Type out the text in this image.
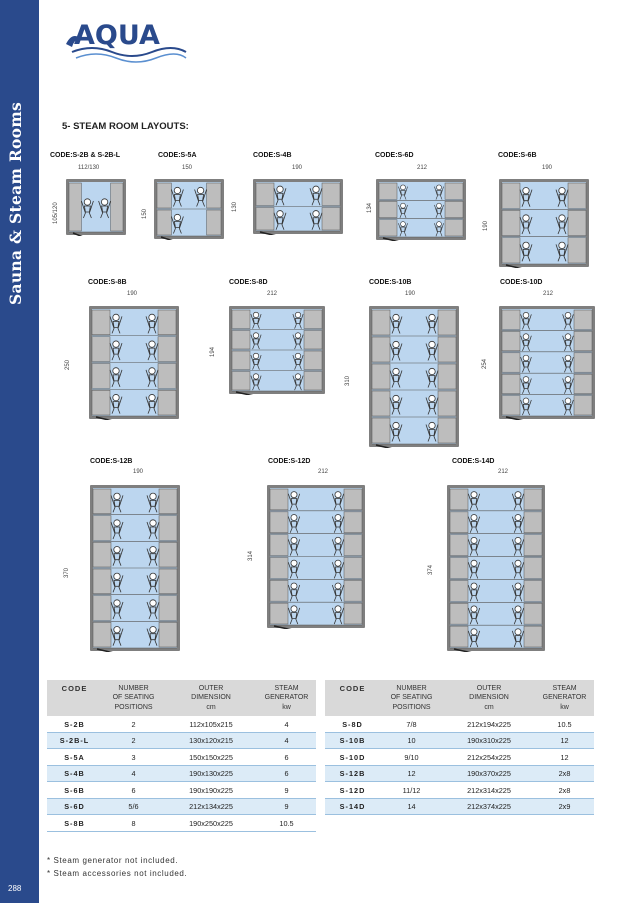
Sauna & Steam Rooms
288
AQUA
5- STEAM ROOM LAYOUTS:
CODE:S-2B & S-2B-L
112/130
105/120
CODE:S-5A
150
150
CODE:S-4B
190
130
CODE:S-6D
212
134
CODE:S-6B
190
190
CODE:S-8B
190
250
CODE:S-8D
212
194
CODE:S-10B
190
310
CODE:S-10D
212
254
CODE:S-12B
190
370
CODE:S-12D
212
314
CODE:S-14D
212
374
CODE	NUMBER
OF SEATING
POSITIONS	OUTER
DIMENSION
cm	STEAM
GENERATOR
kw
S-2B	2	112x105x215	4
S-2B-L	2	130x120x215	4
S-5A	3	150x150x225	6
S-4B	4	190x130x225	6
S-6B	6	190x190x225	9
S-6D	5/6	212x134x225	9
S-8B	8	190x250x225	10.5
CODE	NUMBER
OF SEATING
POSITIONS	OUTER
DIMENSION
cm	STEAM
GENERATOR
kw
S-8D	7/8	212x194x225	10.5
S-10B	10	190x310x225	12
S-10D	9/10	212x254x225	12
S-12B	12	190x370x225	2x8
S-12D	11/12	212x314x225	2x8
S-14D	14	212x374x225	2x9
* Steam generator not included.
* Steam accessories not included.
